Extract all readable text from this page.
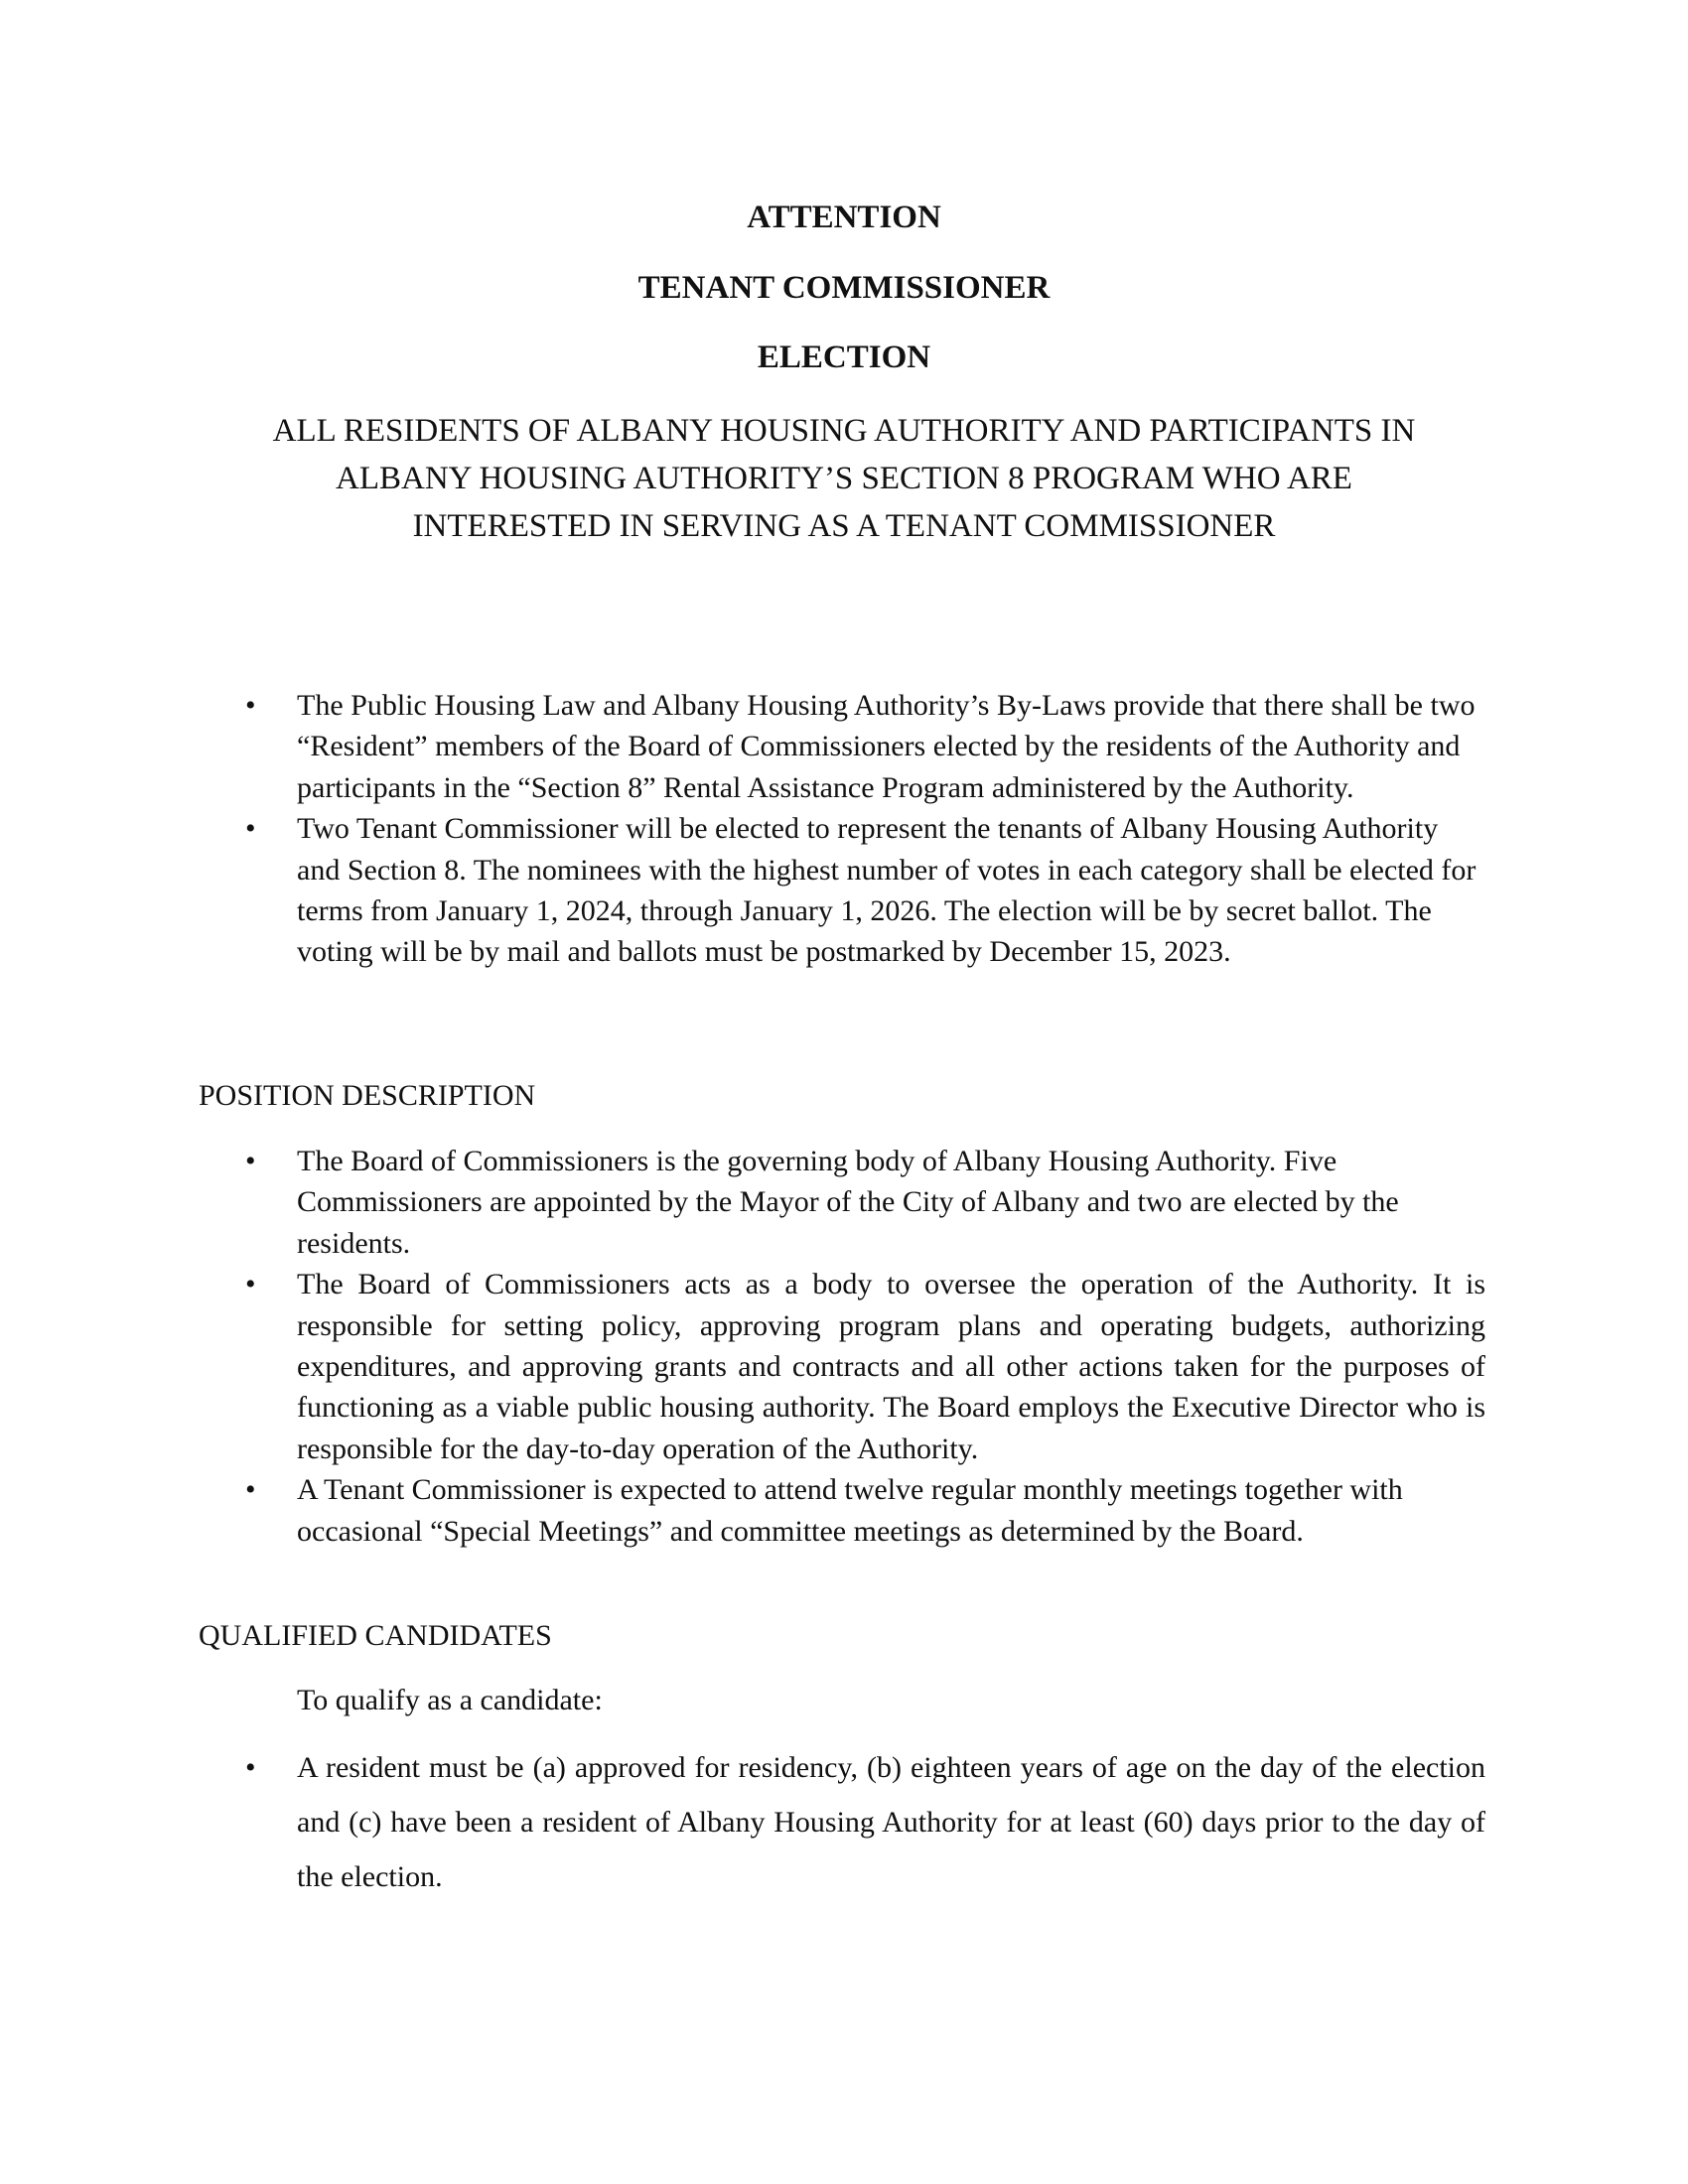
ATTENTION
TENANT COMMISSIONER
ELECTION

ALL RESIDENTS OF ALBANY HOUSING AUTHORITY AND PARTICIPANTS IN ALBANY HOUSING AUTHORITY’S SECTION 8 PROGRAM WHO ARE INTERESTED IN SERVING AS A TENANT COMMISSIONER

• The Public Housing Law and Albany Housing Authority’s By-Laws provide that there shall be two “Resident” members of the Board of Commissioners elected by the residents of the Authority and participants in the “Section 8” Rental Assistance Program administered by the Authority.
• Two Tenant Commissioner will be elected to represent the tenants of Albany Housing Authority and Section 8. The nominees with the highest number of votes in each category shall be elected for terms from January 1, 2024, through January 1, 2026. The election will be by secret ballot. The voting will be by mail and ballots must be postmarked by December 15, 2023.

POSITION DESCRIPTION

• The Board of Commissioners is the governing body of Albany Housing Authority. Five Commissioners are appointed by the Mayor of the City of Albany and two are elected by the residents.
• The Board of Commissioners acts as a body to oversee the operation of the Authority. It is responsible for setting policy, approving program plans and operating budgets, authorizing expenditures, and approving grants and contracts and all other actions taken for the purposes of functioning as a viable public housing authority. The Board employs the Executive Director who is responsible for the day-to-day operation of the Authority.
• A Tenant Commissioner is expected to attend twelve regular monthly meetings together with occasional “Special Meetings” and committee meetings as determined by the Board.

QUALIFIED CANDIDATES

To qualify as a candidate:

• A resident must be (a) approved for residency, (b) eighteen years of age on the day of the election and (c) have been a resident of Albany Housing Authority for at least (60) days prior to the day of the election.
